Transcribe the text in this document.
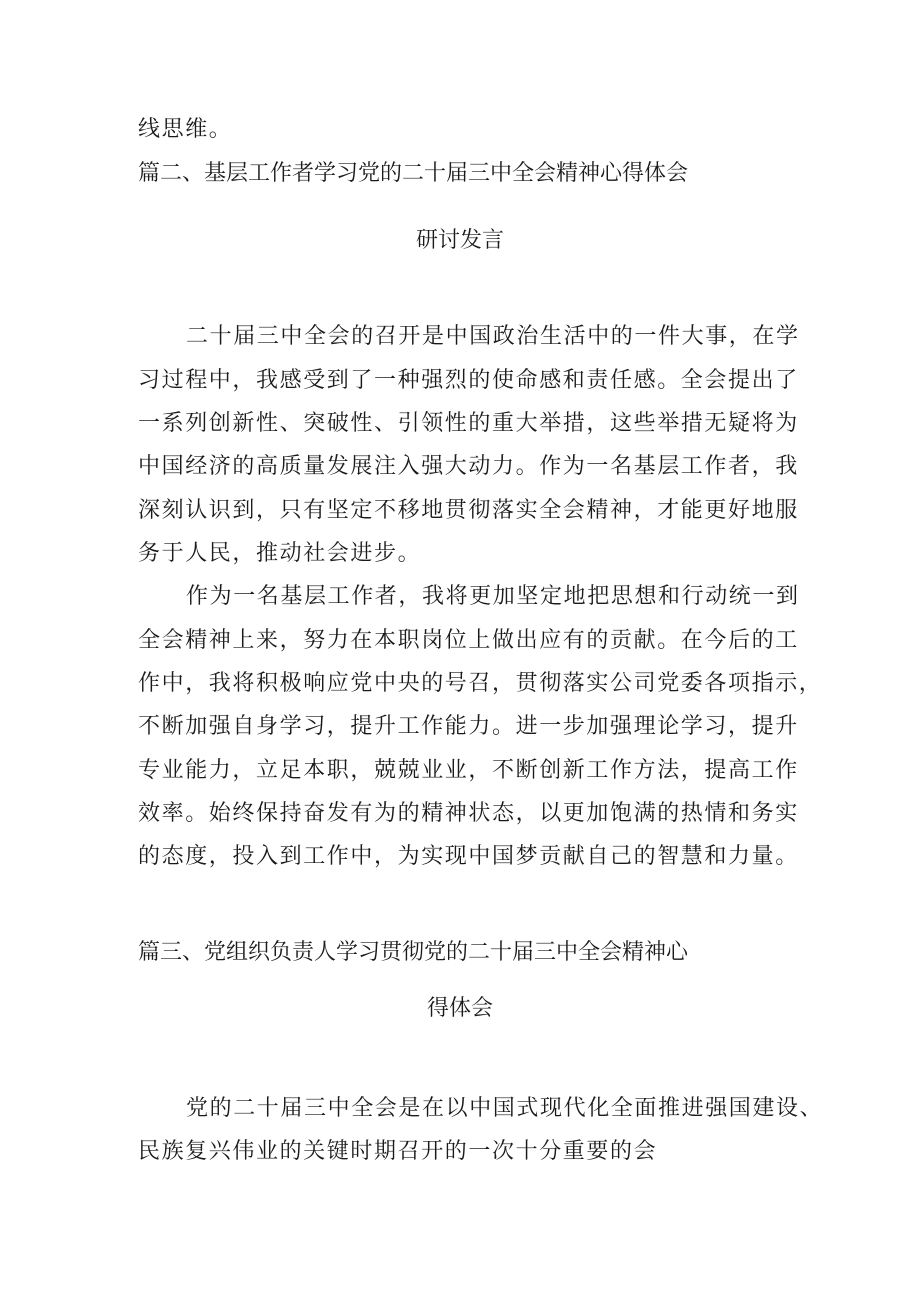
线思维。
篇二、基层工作者学习党的二十届三中全会精神心得体会
研讨发言
二十届三中全会的召开是中国政治生活中的一件大事，在学
习过程中，我感受到了一种强烈的使命感和责任感。全会提出了
一系列创新性、突破性、引领性的重大举措，这些举措无疑将为
中国经济的高质量发展注入强大动力。作为一名基层工作者，我
深刻认识到，只有坚定不移地贯彻落实全会精神，才能更好地服
务于人民，推动社会进步。
作为一名基层工作者，我将更加坚定地把思想和行动统一到
全会精神上来，努力在本职岗位上做出应有的贡献。在今后的工
作中，我将积极响应党中央的号召，贯彻落实公司党委各项指示，
不断加强自身学习，提升工作能力。进一步加强理论学习，提升
专业能力，立足本职，兢兢业业，不断创新工作方法，提高工作
效率。始终保持奋发有为的精神状态，以更加饱满的热情和务实
的态度，投入到工作中，为实现中国梦贡献自己的智慧和力量。
篇三、党组织负责人学习贯彻党的二十届三中全会精神心
得体会
党的二十届三中全会是在以中国式现代化全面推进强国建设、
民族复兴伟业的关键时期召开的一次十分重要的会
